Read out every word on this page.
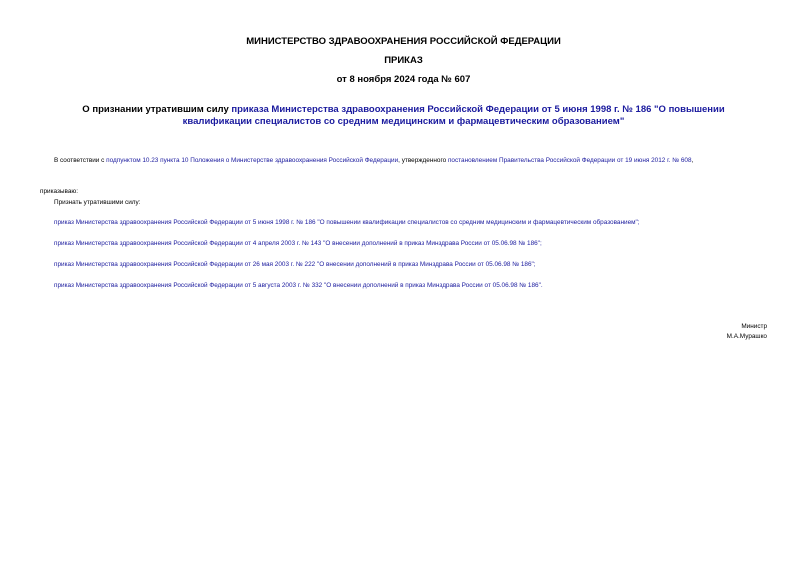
МИНИСТЕРСТВО ЗДРАВООХРАНЕНИЯ РОССИЙСКОЙ ФЕДЕРАЦИИ
ПРИКАЗ
от 8 ноября 2024 года № 607
О признании утратившим силу приказа Министерства здравоохранения Российской Федерации от 5 июня 1998 г. № 186 "О повышении квалификации специалистов со средним медицинским и фармацевтическим образованием"
В соответствии с подпунктом 10.23 пункта 10 Положения о Министерстве здравоохранения Российской Федерации, утвержденного постановлением Правительства Российской Федерации от 19 июня 2012 г. № 608,
приказываю:
Признать утратившими силу:
приказ Министерства здравоохранения Российской Федерации от 5 июня 1998 г. № 186 "О повышении квалификации специалистов со средним медицинским и фармацевтическим образованием";
приказ Министерства здравоохранения Российской Федерации от 4 апреля 2003 г. № 143 "О внесении дополнений в приказ Минздрава России от 05.06.98 № 186";
приказ Министерства здравоохранения Российской Федерации от 26 мая 2003 г. № 222 "О внесении дополнений в приказ Минздрава России от 05.06.98 № 186";
приказ Министерства здравоохранения Российской Федерации от 5 августа 2003 г. № 332 "О внесении дополнений в приказ Минздрава России от 05.06.98 № 186".
Министр
М.А.Мурашко
